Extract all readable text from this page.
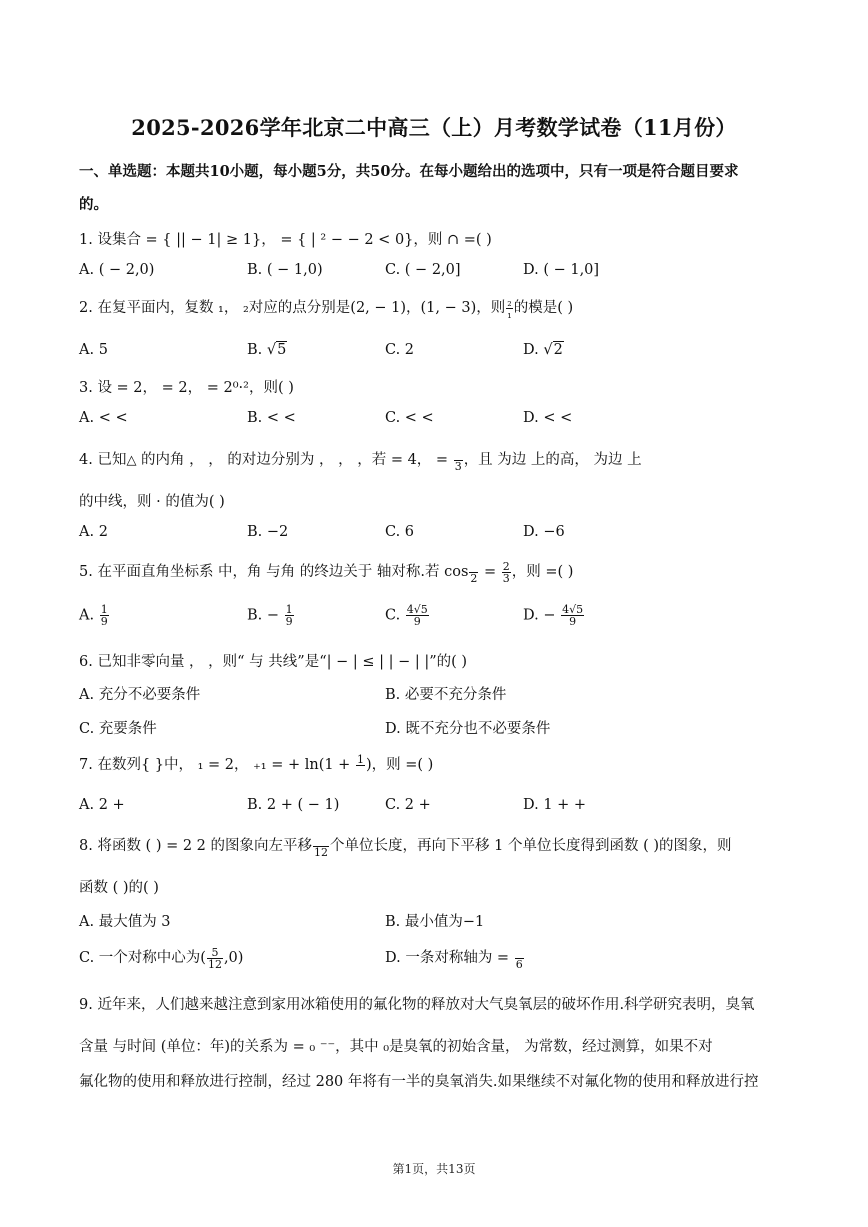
2025-2026学年北京二中高三（上）月考数学试卷（11月份）
一、单选题：本题共10小题，每小题5分，共50分。在每小题给出的选项中，只有一项是符合题目要求
的。
1. 设集合 = { || − 1| ≥ 1}， = { | ² − − 2 < 0}，则 ∩ =( )
A. ( − 2,0)	B. ( − 1,0)	C. ( − 2,0]	D. ( − 1,0]
2. 在复平面内，复数 ₁， ₂对应的点分别是(2, − 1)，(1, − 3)，则 $\frac{\text{₂}}{\text{₁}}$ 的模是( )
A. 5	B. √5	C. 2	D. √2
3. 设 = 2， = 2， = 2⁰·²，则( )
A. < <	B. < <	C. < <	D. < <
4. 已知△ 的内角 ， ， 的对边分别为 ， ， ，若 = 4， = 3 ，且 为边 上的高， 为边 上
的中线，则 · 的值为( )
A. 2	B. −2	C. 6	D. −6
5. 在平面直角坐标系 中，角 与角 的终边关于 轴对称.若 $\cos 2 = \frac{2}{3}$ ，则 =( )
A. $\frac{1}{9}$	B. − $\frac{1}{9}$	C. $\frac{4√5}{9}$	D. − $\frac{4√5}{9}$
6. 已知非零向量 ， ，则“ 与 共线”是“| − | ≤ | | − | |”的( )
A. 充分不必要条件	B. 必要不充分条件
C. 充要条件	D. 既不充分也不必要条件
7. 在数列{ }中， ₁ = 2， ₊₁ = + ln(1 + 1 )，则 =( )
A. 2 +	B. 2 + ( − 1)	C. 2 +	D. 1 + +
8. 将函数 ( ) = 2 2 的图象向左平移 12 个单位长度，再向下平移 1 个单位长度得到函数 ( )的图象，则
函数 ( )的( )
A. 最大值为 3	B. 最小值为−1
C. 一个对称中心为( $\frac{5}{12} ,0$)	D. 一条对称轴为 = 6
9. 近年来，人们越来越注意到家用冰箱使用的氟化物的释放对大气臭氧层的破坏作用.科学研究表明，臭氧
含量 与时间 (单位：年)的关系为 = ₀ ⁻⁻，其中 ₀是臭氧的初始含量， 为常数，经过测算，如果不对
氟化物的使用和释放进行控制，经过 280 年将有一半的臭氧消失.如果继续不对氟化物的使用和释放进行控
第1页，共13页
